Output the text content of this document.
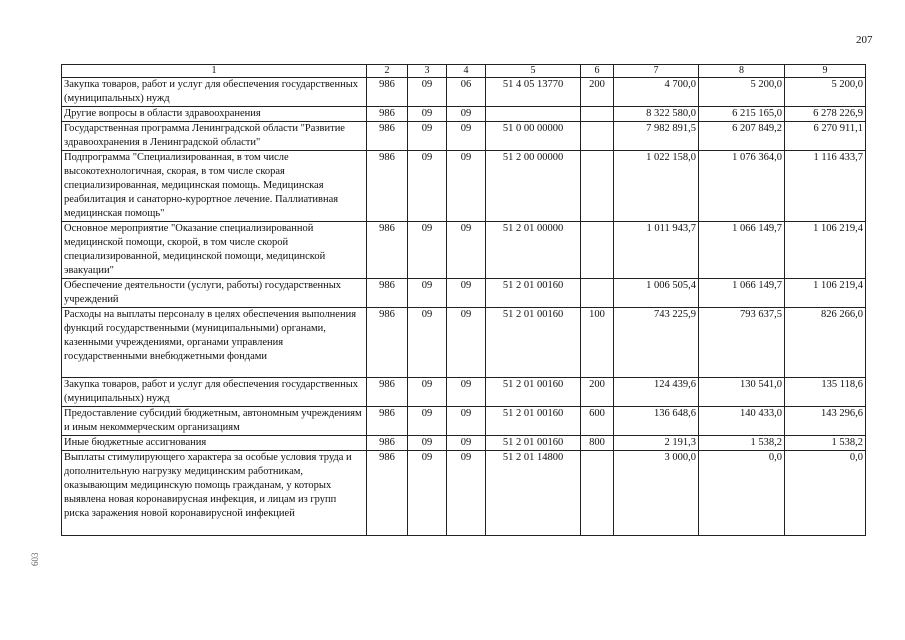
207
1	2	3	4	5	6	7	8	9
Закупка товаров, работ и услуг для обеспечения государственных (муниципальных) нужд	986	09	06	51 4 05 13770	200	4 700,0	5 200,0	5 200,0
Другие вопросы в области здравоохранения	986	09	09			8 322 580,0	6 215 165,0	6 278 226,9
Государственная программа Ленинградской области "Развитие здравоохранения в Ленинградской области"	986	09	09	51 0 00 00000		7 982 891,5	6 207 849,2	6 270 911,1
Подпрограмма "Специализированная, в том числе высокотехнологичная, скорая, в том числе скорая специализированная, медицинская помощь. Медицинская реабилитация и санаторно-курортное лечение. Паллиативная медицинская помощь"	986	09	09	51 2 00 00000		1 022 158,0	1 076 364,0	1 116 433,7
Основное мероприятие "Оказание специализированной медицинской помощи, скорой, в том числе скорой специализированной, медицинской помощи, медицинской эвакуации"	986	09	09	51 2 01 00000		1 011 943,7	1 066 149,7	1 106 219,4
Обеспечение деятельности (услуги, работы) государственных учреждений	986	09	09	51 2 01 00160		1 006 505,4	1 066 149,7	1 106 219,4
Расходы на выплаты персоналу в целях обеспечения выполнения функций государственными (муниципальными) органами, казенными учреждениями, органами управления государственными внебюджетными фондами	986	09	09	51 2 01 00160	100	743 225,9	793 637,5	826 266,0
Закупка товаров, работ и услуг для обеспечения государственных (муниципальных) нужд	986	09	09	51 2 01 00160	200	124 439,6	130 541,0	135 118,6
Предоставление субсидий бюджетным, автономным учреждениям и иным некоммерческим организациям	986	09	09	51 2 01 00160	600	136 648,6	140 433,0	143 296,6
Иные бюджетные ассигнования	986	09	09	51 2 01 00160	800	2 191,3	1 538,2	1 538,2
Выплаты стимулирующего характера за особые условия труда и дополнительную нагрузку медицинским работникам, оказывающим медицинскую помощь гражданам, у которых выявлена новая коронавирусная инфекция, и лицам из групп риска заражения новой коронавирусной инфекцией	986	09	09	51 2 01 14800		3 000,0	0,0	0,0
603
